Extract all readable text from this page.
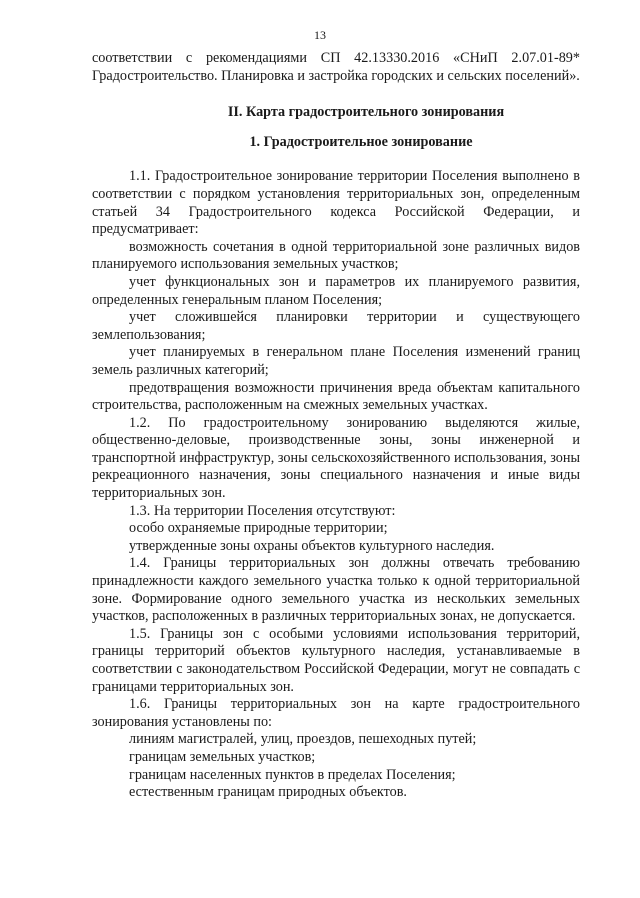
13

соответствии с рекомендациями СП 42.13330.2016 «СНиП 2.07.01-89* Градостроительство. Планировка и застройка городских и сельских поселений».

II. Карта градостроительного зонирования
1. Градостроительное зонирование

1.1. Градостроительное зонирование территории Поселения выполнено в соответствии с порядком установления территориальных зон, определенным статьей 34 Градостроительного кодекса Российской Федерации, и предусматривает:

возможность сочетания в одной территориальной зоне различных видов планируемого использования земельных участков;

учет функциональных зон и параметров их планируемого развития, определенных генеральным планом Поселения;

учет сложившейся планировки территории и существующего землепользования;

учет планируемых в генеральном плане Поселения изменений границ земель различных категорий;

предотвращения возможности причинения вреда объектам капитального строительства, расположенным на смежных земельных участках.

1.2. По градостроительному зонированию выделяются жилые, общественно-деловые, производственные зоны, зоны инженерной и транспортной инфраструктур, зоны сельскохозяйственного использования, зоны рекреационного назначения, зоны специального назначения и иные виды территориальных зон.

1.3. На территории Поселения отсутствуют:

особо охраняемые природные территории;

утвержденные зоны охраны объектов культурного наследия.

1.4. Границы территориальных зон должны отвечать требованию принадлежности каждого земельного участка только к одной территориальной зоне. Формирование одного земельного участка из нескольких земельных участков, расположенных в различных территориальных зонах, не допускается.

1.5. Границы зон с особыми условиями использования территорий, границы территорий объектов культурного наследия, устанавливаемые в соответствии с законодательством Российской Федерации, могут не совпадать с границами территориальных зон.

1.6. Границы территориальных зон на карте градостроительного зонирования установлены по:

линиям магистралей, улиц, проездов, пешеходных путей;

границам земельных участков;

границам населенных пунктов в пределах Поселения;

естественным границам природных объектов.
